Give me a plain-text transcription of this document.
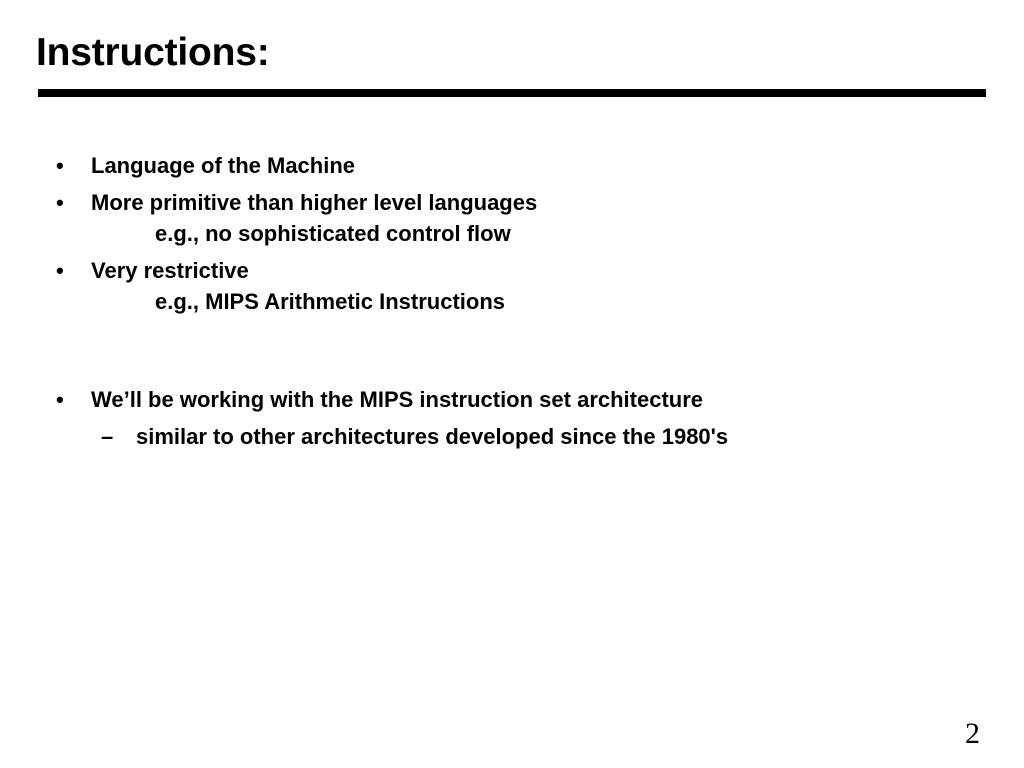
Instructions:
•	Language of the Machine
•	More primitive than higher level languages
e.g., no sophisticated control flow
•	Very restrictive
e.g., MIPS Arithmetic Instructions
•	We’ll be working with the MIPS instruction set architecture
– similar to other architectures developed since the 1980's
2
